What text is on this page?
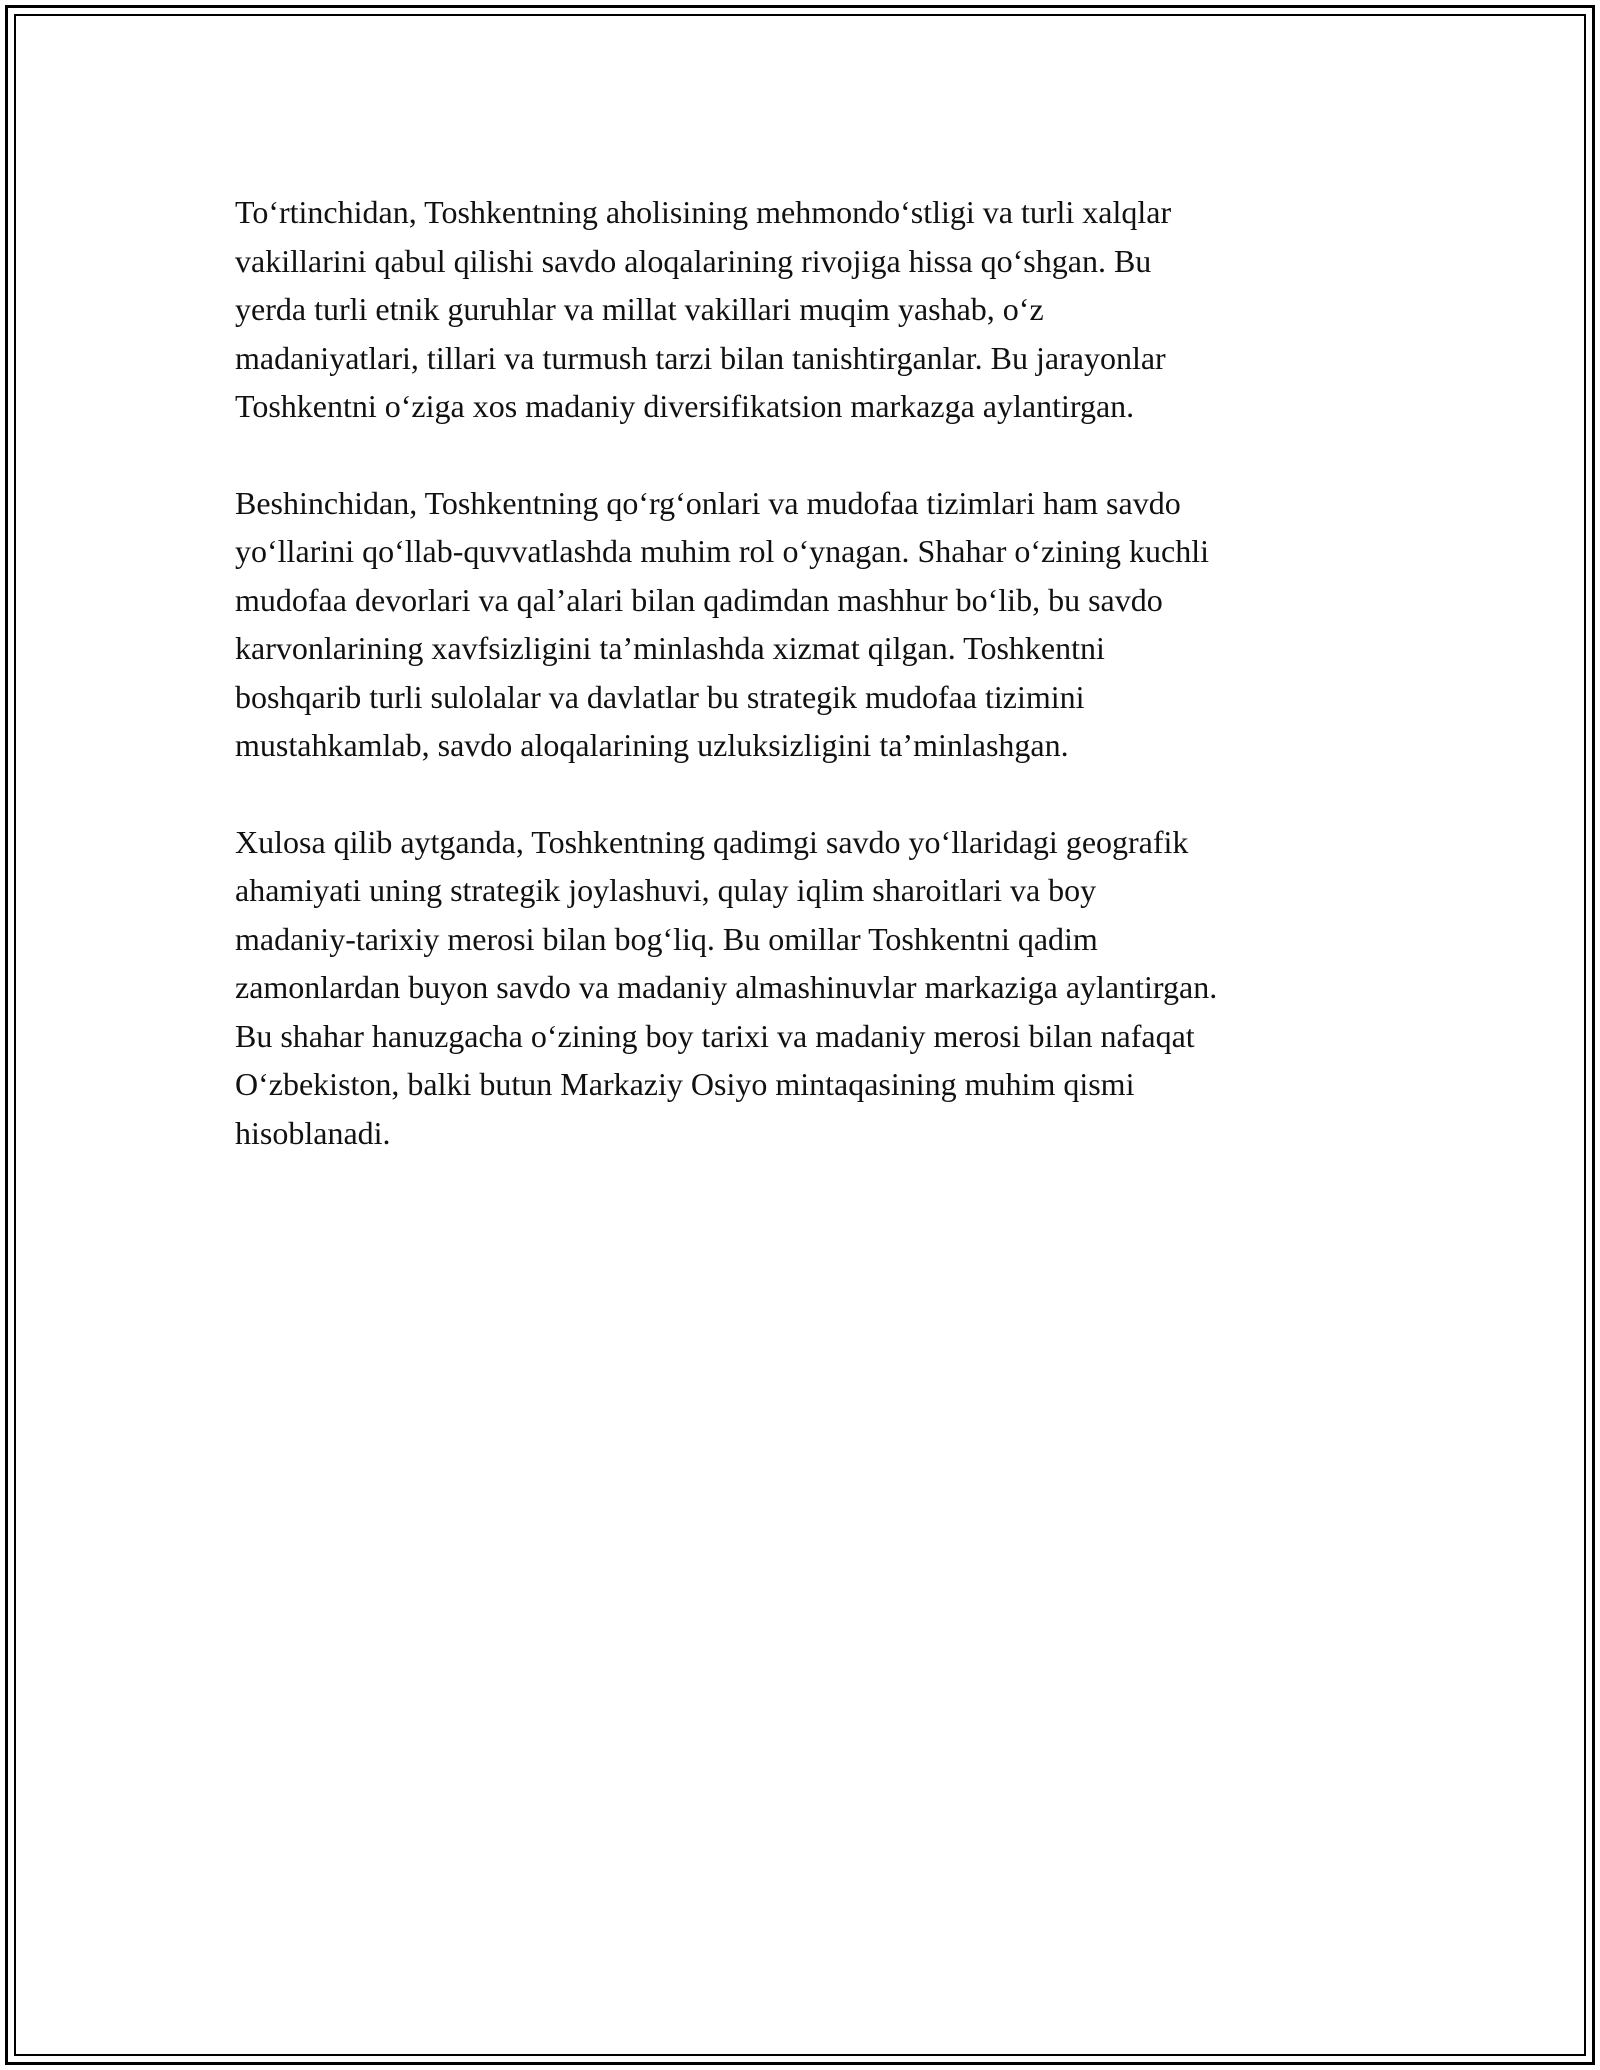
To‘rtinchidan, Toshkentning aholisining mehmondo‘stligi va turli xalqlar
vakillarini qabul qilishi savdo aloqalarining rivojiga hissa qo‘shgan. Bu
yerda turli etnik guruhlar va millat vakillari muqim yashab, o‘z
madaniyatlari, tillari va turmush tarzi bilan tanishtirganlar. Bu jarayonlar
Toshkentni o‘ziga xos madaniy diversifikatsion markazga aylantirgan.

Beshinchidan, Toshkentning qo‘rg‘onlari va mudofaa tizimlari ham savdo
yo‘llarini qo‘llab-quvvatlashda muhim rol o‘ynagan. Shahar o‘zining kuchli
mudofaa devorlari va qal’alari bilan qadimdan mashhur bo‘lib, bu savdo
karvonlarining xavfsizligini ta’minlashda xizmat qilgan. Toshkentni
boshqarib turli sulolalar va davlatlar bu strategik mudofaa tizimini
mustahkamlab, savdo aloqalarining uzluksizligini ta’minlashgan.

Xulosa qilib aytganda, Toshkentning qadimgi savdo yo‘llaridagi geografik
ahamiyati uning strategik joylashuvi, qulay iqlim sharoitlari va boy
madaniy-tarixiy merosi bilan bog‘liq. Bu omillar Toshkentni qadim
zamonlardan buyon savdo va madaniy almashinuvlar markaziga aylantirgan.
Bu shahar hanuzgacha o‘zining boy tarixi va madaniy merosi bilan nafaqat
O‘zbekiston, balki butun Markaziy Osiyo mintaqasining muhim qismi
hisoblanadi.
